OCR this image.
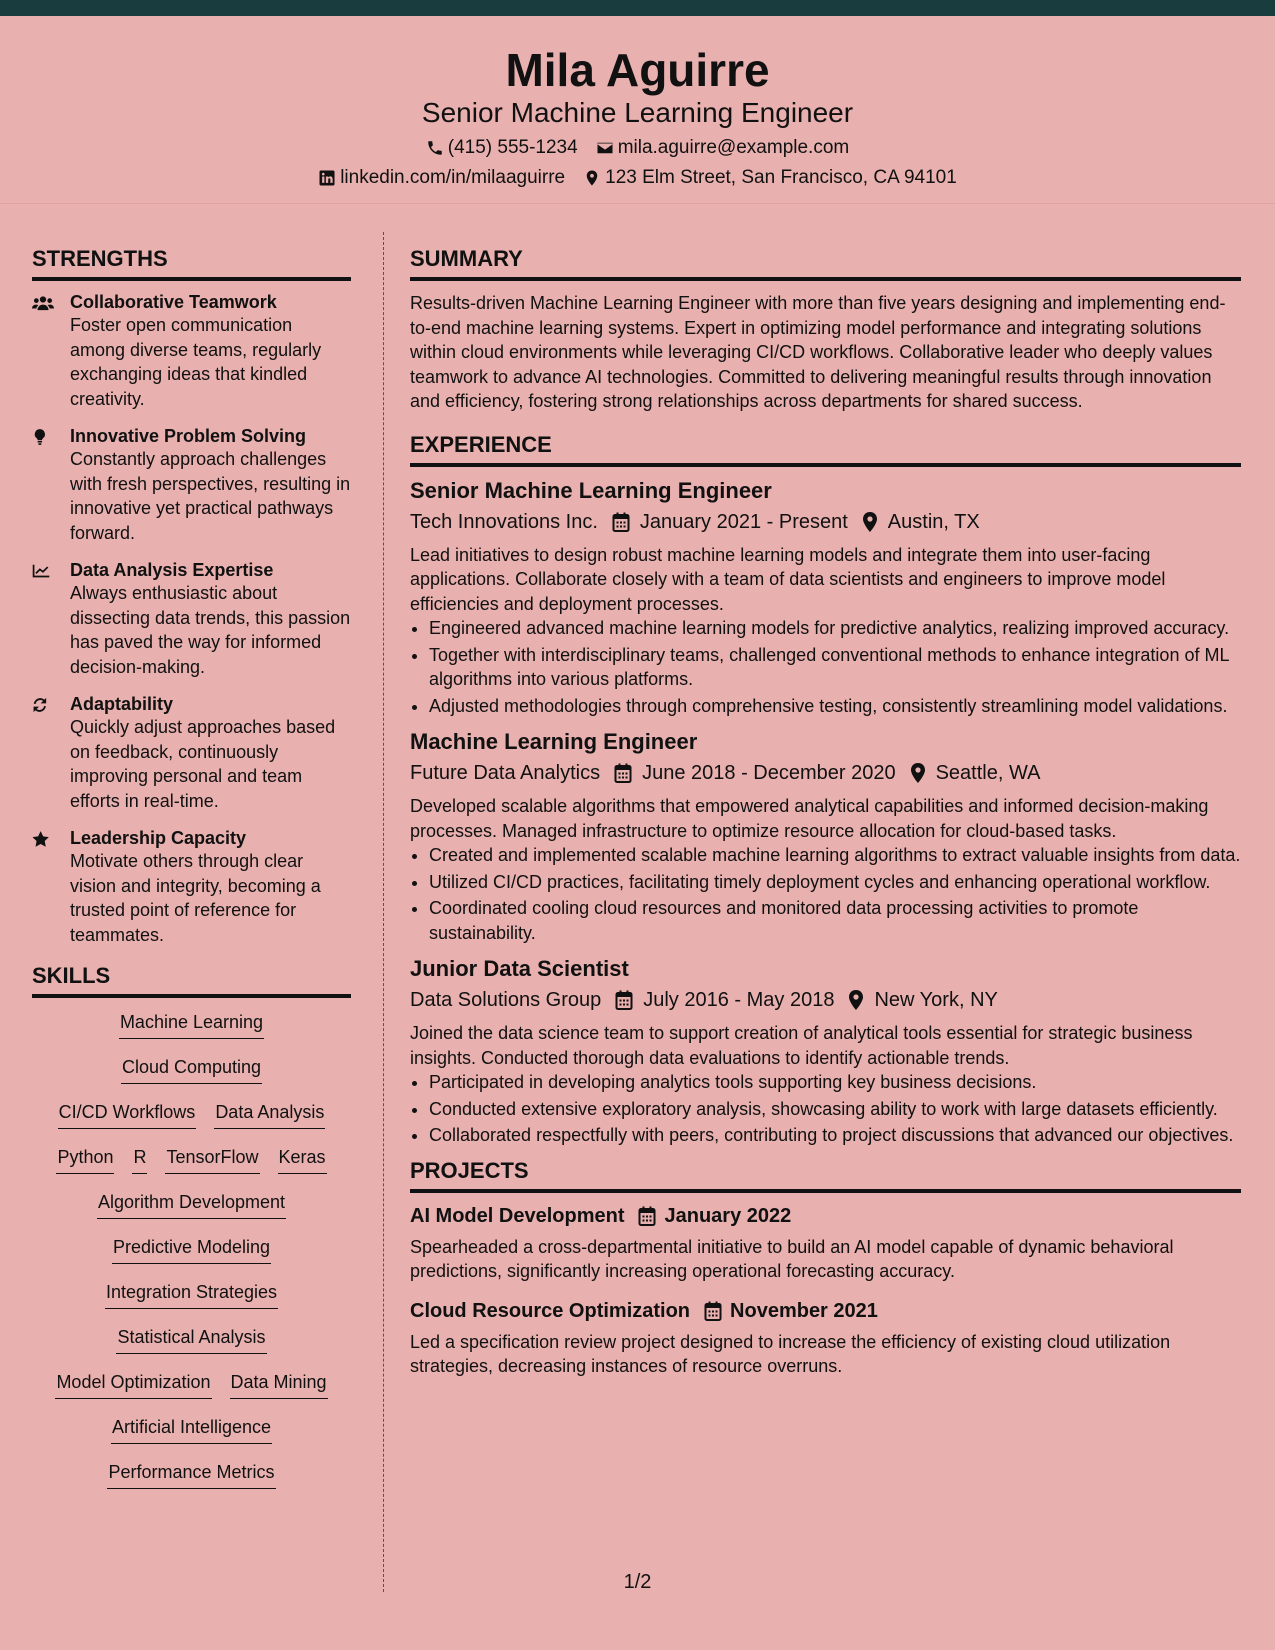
Mila Aguirre
Senior Machine Learning Engineer
(415) 555-1234 mila.aguirre@example.com
linkedin.com/in/milaaguirre 123 Elm Street, San Francisco, CA 94101
STRENGTHS
Collaborative Teamwork
Foster open communication among diverse teams, regularly exchanging ideas that kindled creativity.
Innovative Problem Solving
Constantly approach challenges with fresh perspectives, resulting in innovative yet practical pathways forward.
Data Analysis Expertise
Always enthusiastic about dissecting data trends, this passion has paved the way for informed decision-making.
Adaptability
Quickly adjust approaches based on feedback, continuously improving personal and team efforts in real-time.
Leadership Capacity
Motivate others through clear vision and integrity, becoming a trusted point of reference for teammates.
SKILLS
Machine Learning
Cloud Computing
CI/CD Workflows Data Analysis
Python R TensorFlow Keras
Algorithm Development
Predictive Modeling
Integration Strategies
Statistical Analysis
Model Optimization Data Mining
Artificial Intelligence
Performance Metrics
SUMMARY
Results-driven Machine Learning Engineer with more than five years designing and implementing end-to-end machine learning systems. Expert in optimizing model performance and integrating solutions within cloud environments while leveraging CI/CD workflows. Collaborative leader who deeply values teamwork to advance AI technologies. Committed to delivering meaningful results through innovation and efficiency, fostering strong relationships across departments for shared success.
EXPERIENCE
Senior Machine Learning Engineer
Tech Innovations Inc. January 2021 - Present Austin, TX
Lead initiatives to design robust machine learning models and integrate them into user-facing applications. Collaborate closely with a team of data scientists and engineers to improve model efficiencies and deployment processes.
• Engineered advanced machine learning models for predictive analytics, realizing improved accuracy.
• Together with interdisciplinary teams, challenged conventional methods to enhance integration of ML algorithms into various platforms.
• Adjusted methodologies through comprehensive testing, consistently streamlining model validations.
Machine Learning Engineer
Future Data Analytics June 2018 - December 2020 Seattle, WA
Developed scalable algorithms that empowered analytical capabilities and informed decision-making processes. Managed infrastructure to optimize resource allocation for cloud-based tasks.
• Created and implemented scalable machine learning algorithms to extract valuable insights from data.
• Utilized CI/CD practices, facilitating timely deployment cycles and enhancing operational workflow.
• Coordinated cooling cloud resources and monitored data processing activities to promote sustainability.
Junior Data Scientist
Data Solutions Group July 2016 - May 2018 New York, NY
Joined the data science team to support creation of analytical tools essential for strategic business insights. Conducted thorough data evaluations to identify actionable trends.
• Participated in developing analytics tools supporting key business decisions.
• Conducted extensive exploratory analysis, showcasing ability to work with large datasets efficiently.
• Collaborated respectfully with peers, contributing to project discussions that advanced our objectives.
PROJECTS
AI Model Development January 2022
Spearheaded a cross-departmental initiative to build an AI model capable of dynamic behavioral predictions, significantly increasing operational forecasting accuracy.
Cloud Resource Optimization November 2021
Led a specification review project designed to increase the efficiency of existing cloud utilization strategies, decreasing instances of resource overruns.
1/2
